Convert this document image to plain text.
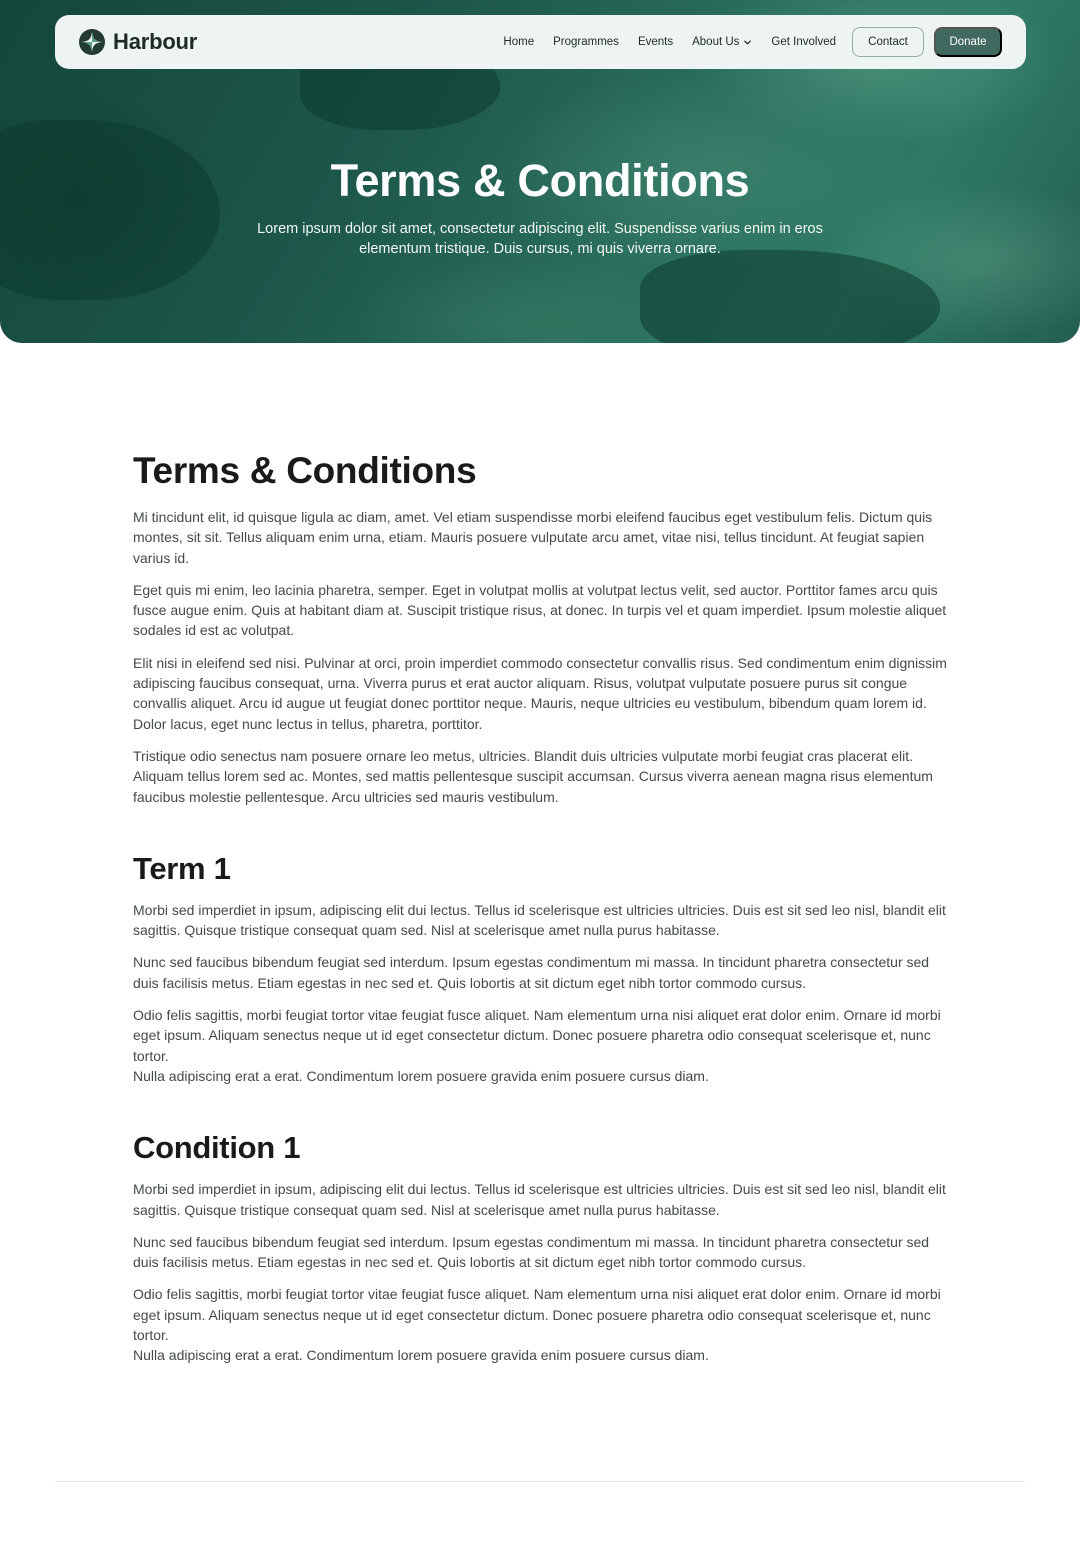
Harbour	Home Programmes Events About Us	Get Involved	Contact	Donate
Terms & Conditions

Lorem ipsum dolor sit amet, consectetur adipiscing elit. Suspendisse varius enim in eros elementum tristique. Duis cursus, mi quis viverra ornare.

Terms & Conditions

Mi tincidunt elit, id quisque ligula ac diam, amet. Vel etiam suspendisse morbi eleifend faucibus eget vestibulum felis. Dictum quis montes, sit sit. Tellus aliquam enim urna, etiam. Mauris posuere vulputate arcu amet, vitae nisi, tellus tincidunt. At feugiat sapien varius id.

Eget quis mi enim, leo lacinia pharetra, semper. Eget in volutpat mollis at volutpat lectus velit, sed auctor. Porttitor fames arcu quis fusce augue enim. Quis at habitant diam at. Suscipit tristique risus, at donec. In turpis vel et quam imperdiet. Ipsum molestie aliquet sodales id est ac volutpat.

Elit nisi in eleifend sed nisi. Pulvinar at orci, proin imperdiet commodo consectetur convallis risus. Sed condimentum enim dignissim adipiscing faucibus consequat, urna. Viverra purus et erat auctor aliquam. Risus, volutpat vulputate posuere purus sit congue convallis aliquet. Arcu id augue ut feugiat donec porttitor neque. Mauris, neque ultricies eu vestibulum, bibendum quam lorem id. Dolor lacus, eget nunc lectus in tellus, pharetra, porttitor.

Tristique odio senectus nam posuere ornare leo metus, ultricies. Blandit duis ultricies vulputate morbi feugiat cras placerat elit. Aliquam tellus lorem sed ac. Montes, sed mattis pellentesque suscipit accumsan. Cursus viverra aenean magna risus elementum faucibus molestie pellentesque. Arcu ultricies sed mauris vestibulum.

Term 1

Morbi sed imperdiet in ipsum, adipiscing elit dui lectus. Tellus id scelerisque est ultricies ultricies. Duis est sit sed leo nisl, blandit elit sagittis. Quisque tristique consequat quam sed. Nisl at scelerisque amet nulla purus habitasse.

Nunc sed faucibus bibendum feugiat sed interdum. Ipsum egestas condimentum mi massa. In tincidunt pharetra consectetur sed duis facilisis metus. Etiam egestas in nec sed et. Quis lobortis at sit dictum eget nibh tortor commodo cursus.

Odio felis sagittis, morbi feugiat tortor vitae feugiat fusce aliquet. Nam elementum urna nisi aliquet erat dolor enim. Ornare id morbi eget ipsum. Aliquam senectus neque ut id eget consectetur dictum. Donec posuere pharetra odio consequat scelerisque et, nunc tortor.

Nulla adipiscing erat a erat. Condimentum lorem posuere gravida enim posuere cursus diam.

Condition 1

Morbi sed imperdiet in ipsum, adipiscing elit dui lectus. Tellus id scelerisque est ultricies ultricies. Duis est sit sed leo nisl, blandit elit sagittis. Quisque tristique consequat quam sed. Nisl at scelerisque amet nulla purus habitasse.

Nunc sed faucibus bibendum feugiat sed interdum. Ipsum egestas condimentum mi massa. In tincidunt pharetra consectetur sed duis facilisis metus. Etiam egestas in nec sed et. Quis lobortis at sit dictum eget nibh tortor commodo cursus.

Odio felis sagittis, morbi feugiat tortor vitae feugiat fusce aliquet. Nam elementum urna nisi aliquet erat dolor enim. Ornare id morbi eget ipsum. Aliquam senectus neque ut id eget consectetur dictum. Donec posuere pharetra odio consequat scelerisque et, nunc tortor.

Nulla adipiscing erat a erat. Condimentum lorem posuere gravida enim posuere cursus diam.
